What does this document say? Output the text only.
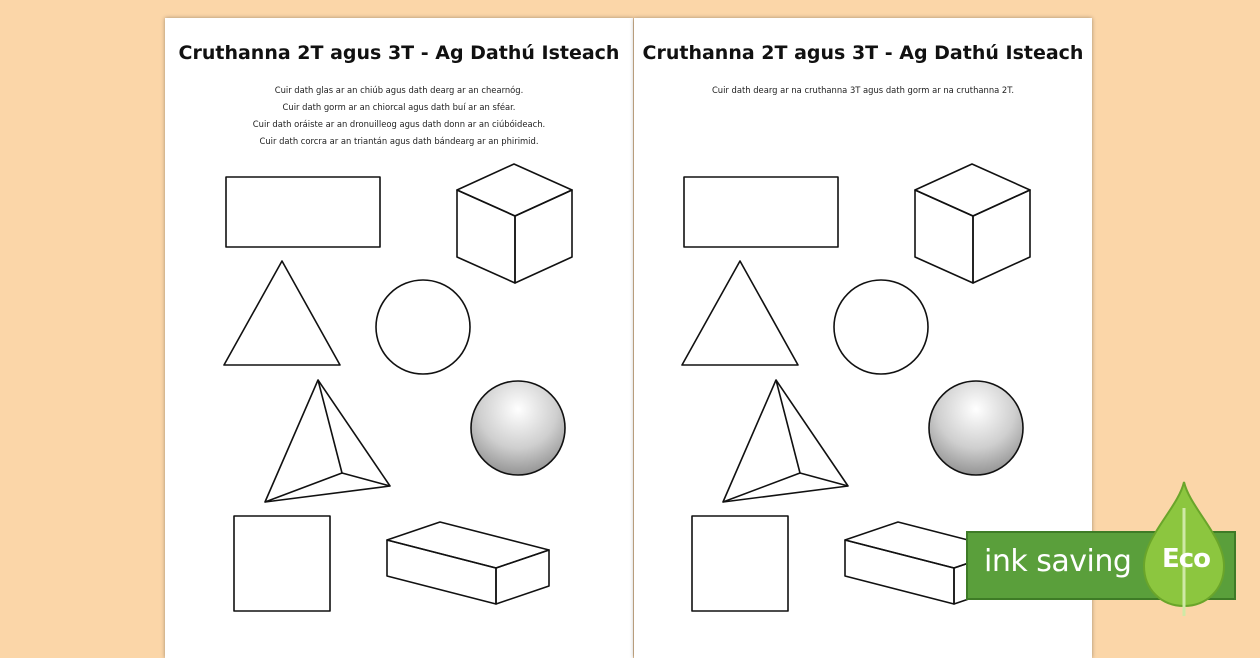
Cruthanna 2T agus 3T - Ag Dathú Isteach
Cuir dath glas ar an chiúb agus dath dearg ar an chearnóg.
Cuir dath gorm ar an chiorcal agus dath buí ar an sféar.
Cuir dath oráiste ar an dronuilleog agus dath donn ar an ciúbóideach.
Cuir dath corcra ar an triantán agus dath bándearg ar an phirimid.
Cruthanna 2T agus 3T - Ag Dathú Isteach
Cuir dath dearg ar na cruthanna 3T agus dath gorm ar na cruthanna 2T.
ink saving Eco
